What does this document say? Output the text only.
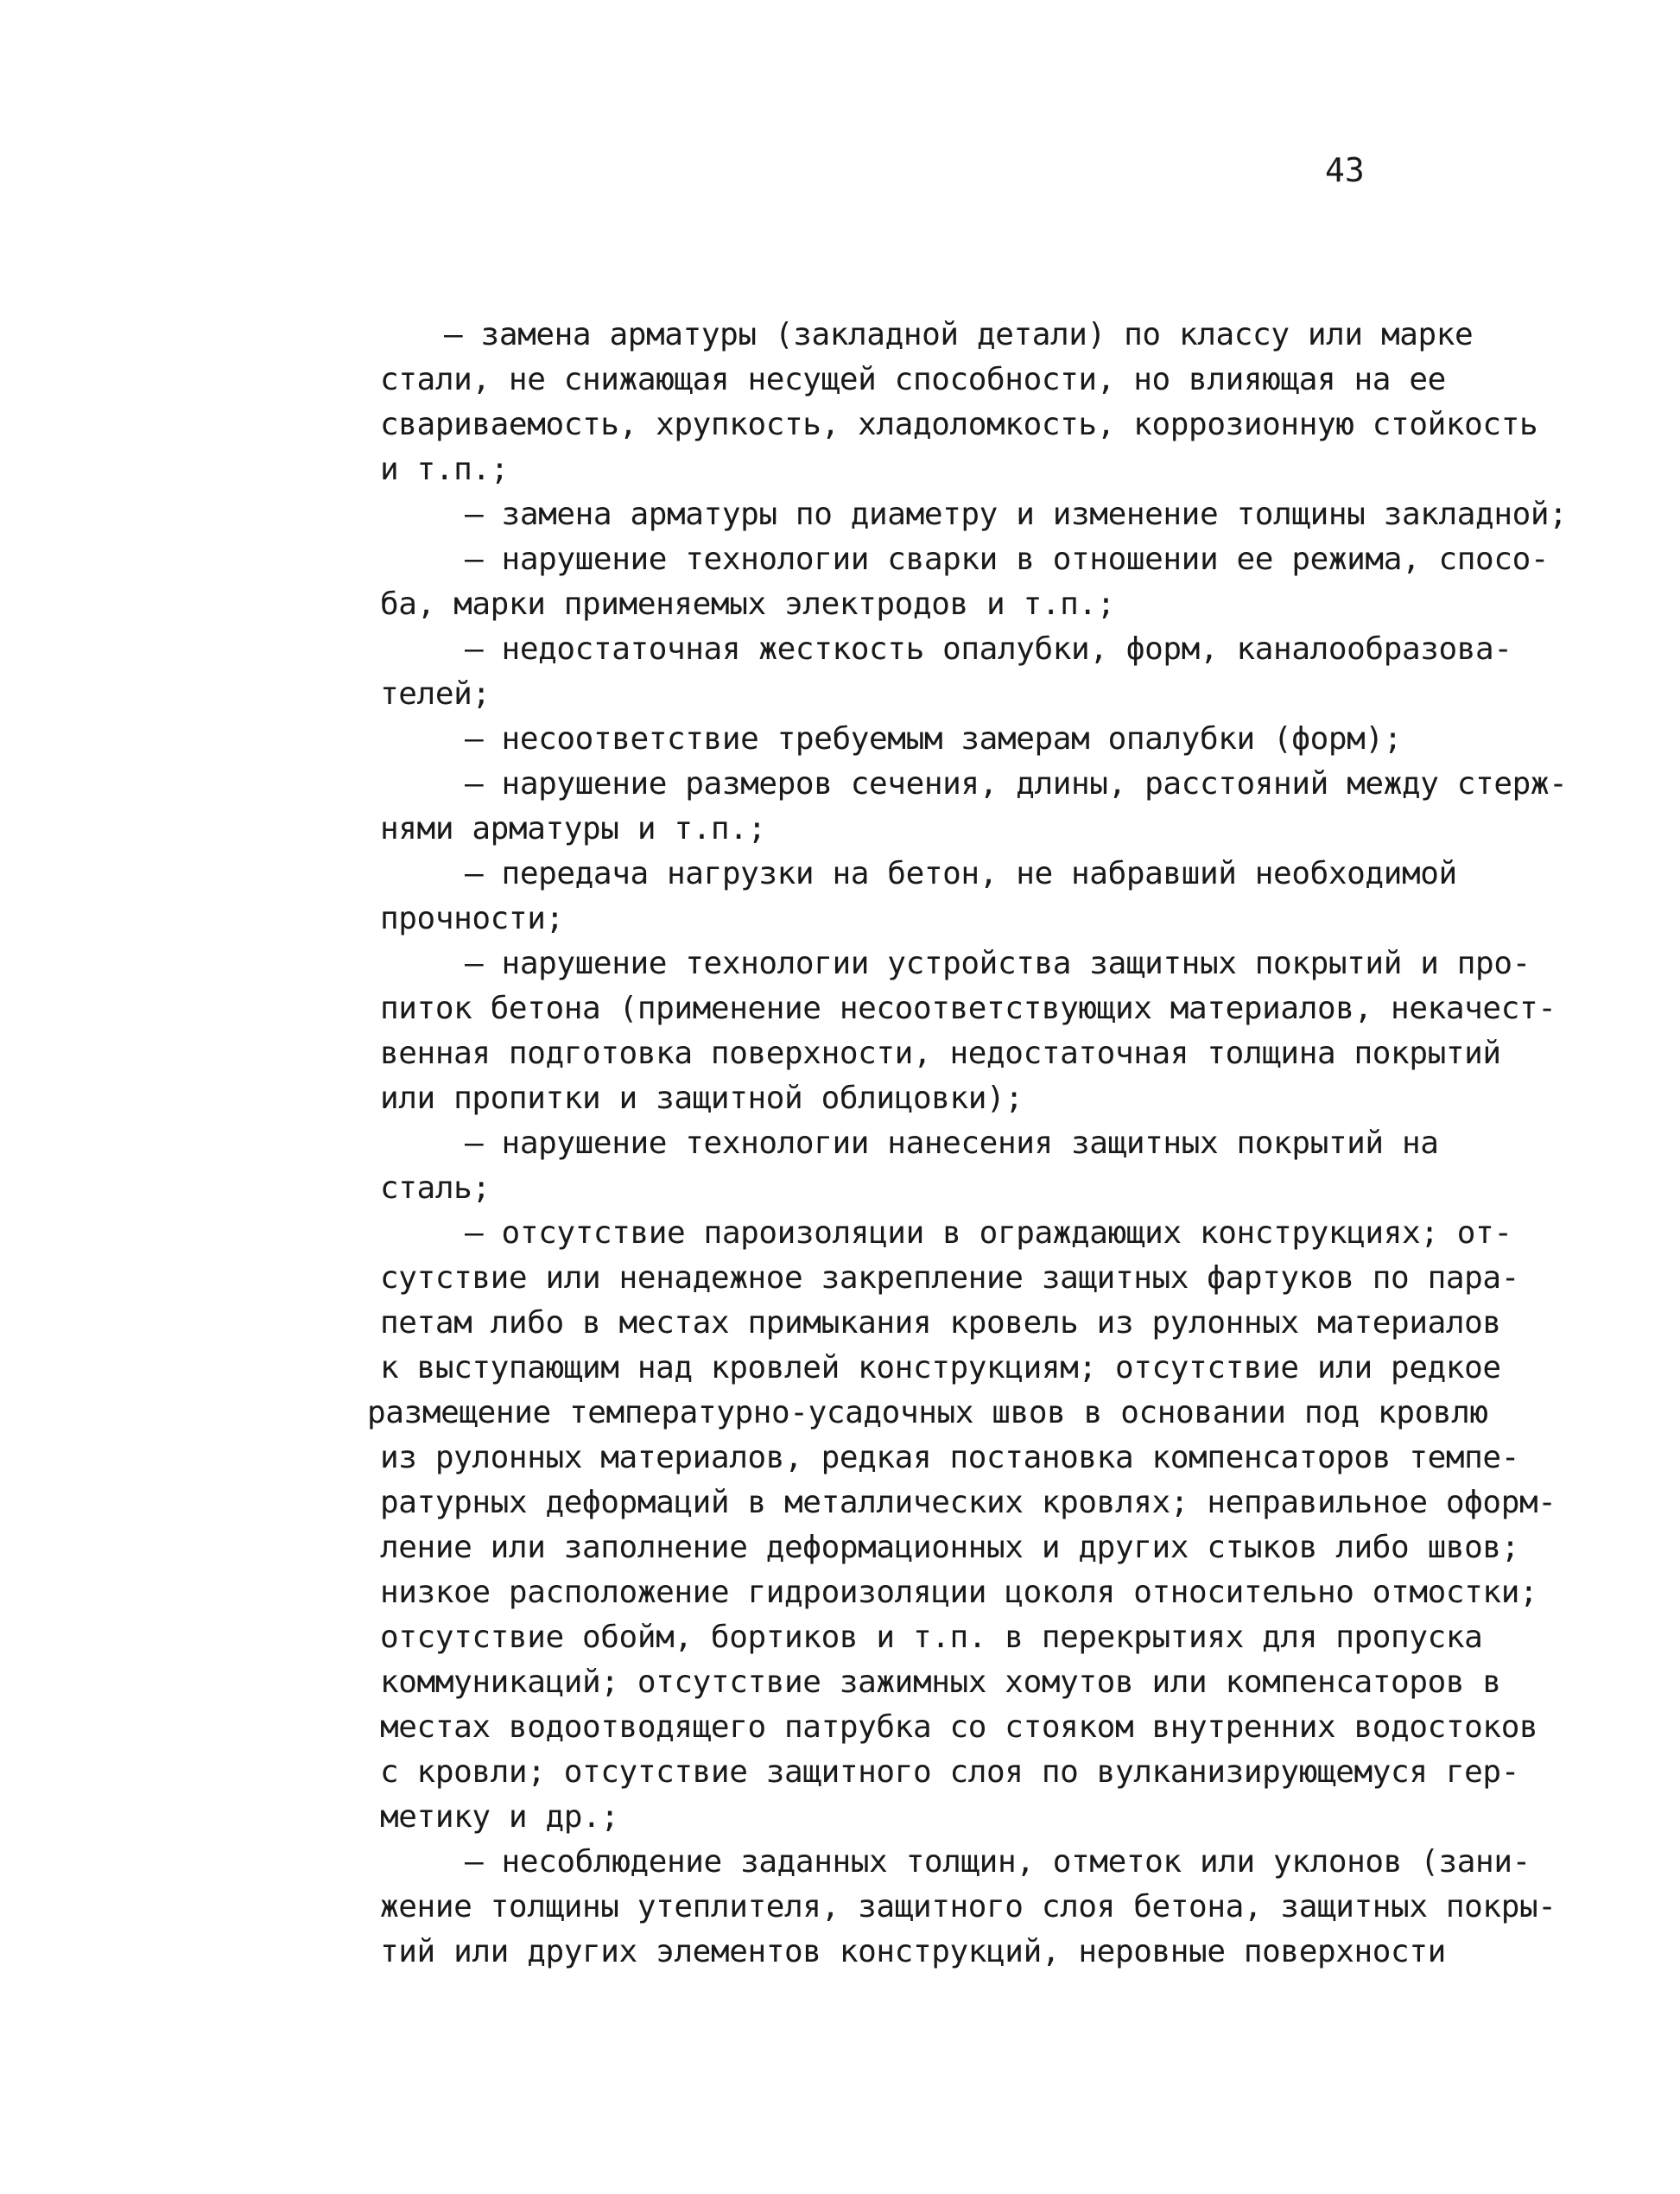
43
– замена арматуры (закладной детали) по классу или марке
стали, не снижающая несущей способности, но влияющая на ее
свариваемость, хрупкость, хладоломкость, коррозионную стойкость
и т.п.;
– замена арматуры по диаметру и изменение толщины закладной;
– нарушение технологии сварки в отношении ее режима, спосо-
ба, марки применяемых электродов и т.п.;
– недостаточная жесткость опалубки, форм, каналообразова-
телей;
– несоответствие требуемым замерам опалубки (форм);
– нарушение размеров сечения, длины, расстояний между стерж-
нями арматуры и т.п.;
– передача нагрузки на бетон, не набравший необходимой
прочности;
– нарушение технологии устройства защитных покрытий и про-
питок бетона (применение несоответствующих материалов, некачест-
венная подготовка поверхности, недостаточная толщина покрытий
или пропитки и защитной облицовки);
– нарушение технологии нанесения защитных покрытий на
сталь;
– отсутствие пароизоляции в ограждающих конструкциях; от-
сутствие или ненадежное закрепление защитных фартуков по пара-
петам либо в местах примыкания кровель из рулонных материалов
к выступающим над кровлей конструкциям; отсутствие или редкое
размещение температурно-усадочных швов в основании под кровлю
из рулонных материалов, редкая постановка компенсаторов темпе-
ратурных деформаций в металлических кровлях; неправильное оформ-
ление или заполнение деформационных и других стыков либо швов;
низкое расположение гидроизоляции цоколя относительно отмостки;
отсутствие обойм, бортиков и т.п. в перекрытиях для пропуска
коммуникаций; отсутствие зажимных хомутов или компенсаторов в
местах водоотводящего патрубка со стояком внутренних водостоков
с кровли; отсутствие защитного слоя по вулканизирующемуся гер-
метику и др.;
– несоблюдение заданных толщин, отметок или уклонов (зани-
жение толщины утеплителя, защитного слоя бетона, защитных покры-
тий или других элементов конструкций, неровные поверхности
